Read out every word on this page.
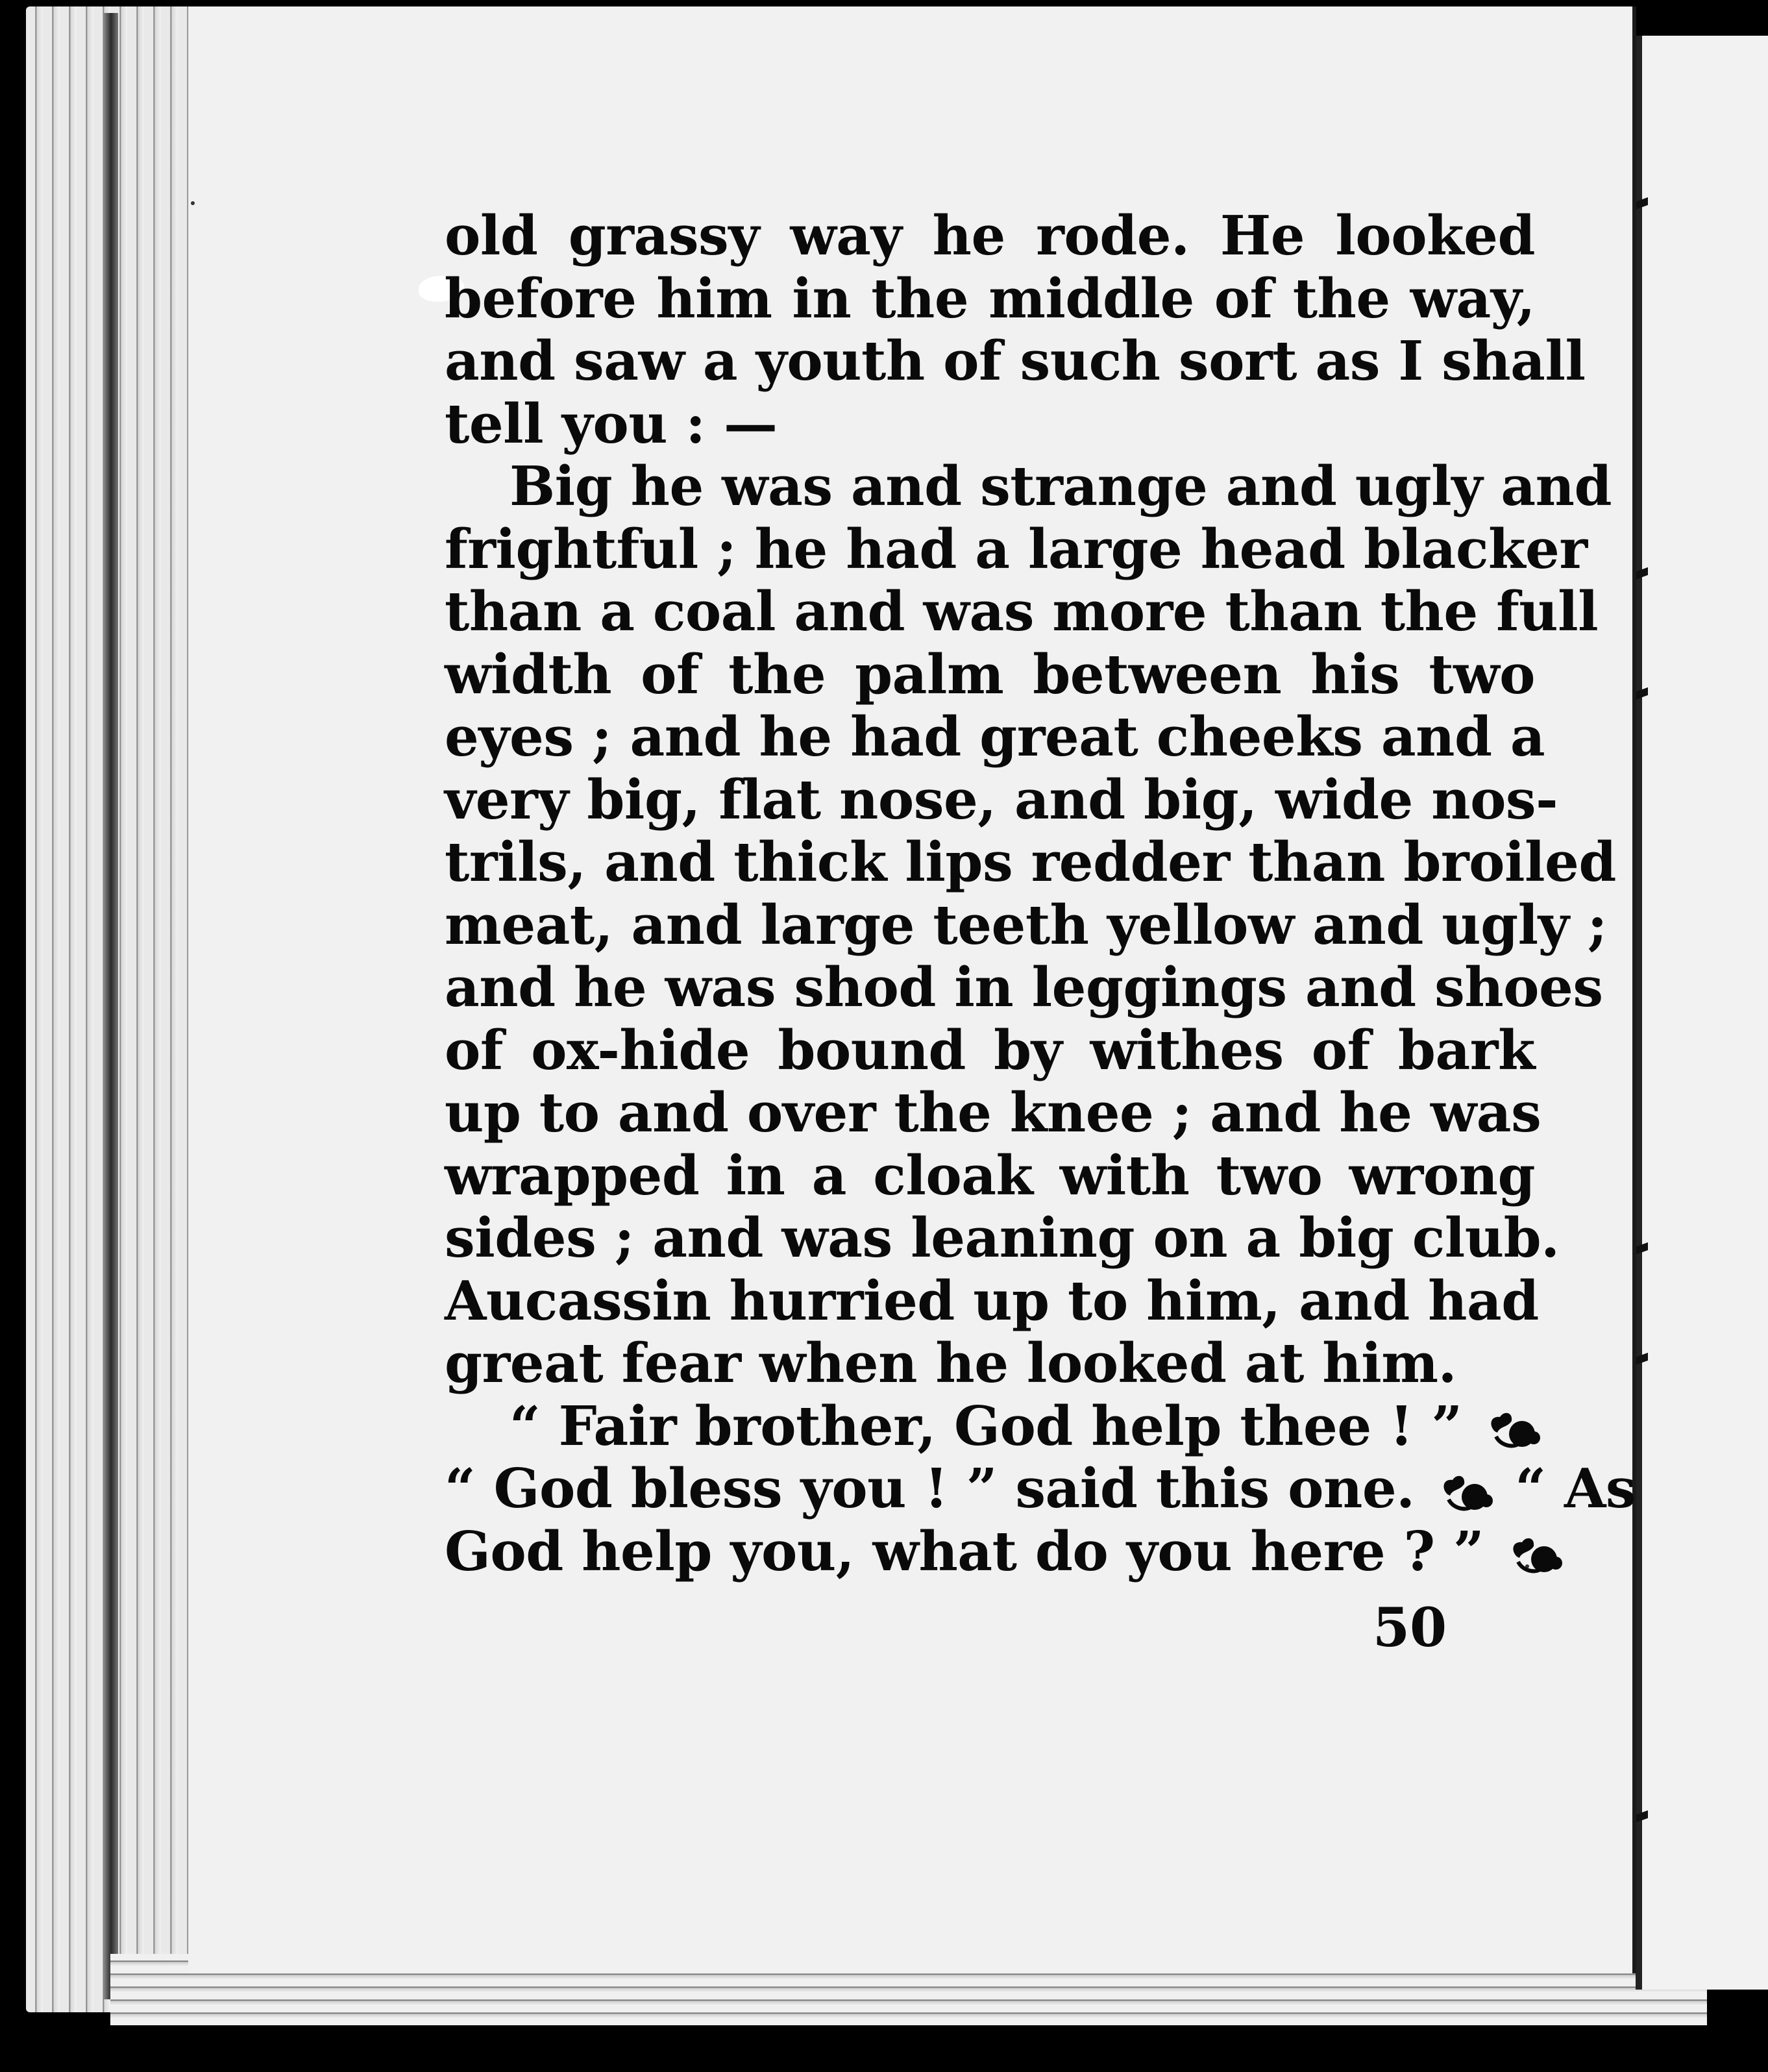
old grassy way he rode. He looked
before him in the middle of the way,
and saw a youth of such sort as I shall
tell you : —
Big he was and strange and ugly and
frightful ; he had a large head blacker
than a coal and was more than the full
width of the palm between his two
eyes ; and he had great cheeks and a
very big, flat nose, and big, wide nos-
trils, and thick lips redder than broiled
meat, and large teeth yellow and ugly ;
and he was shod in leggings and shoes
of ox-hide bound by withes of bark
up to and over the knee ; and he was
wrapped in a cloak with two wrong
sides ; and was leaning on a big club.
Aucassin hurried up to him, and had
great fear when he looked at him.
“ Fair brother, God help thee ! ”
“ God bless you ! ” said this one. “ As
God help you, what do you here ? ”
50
